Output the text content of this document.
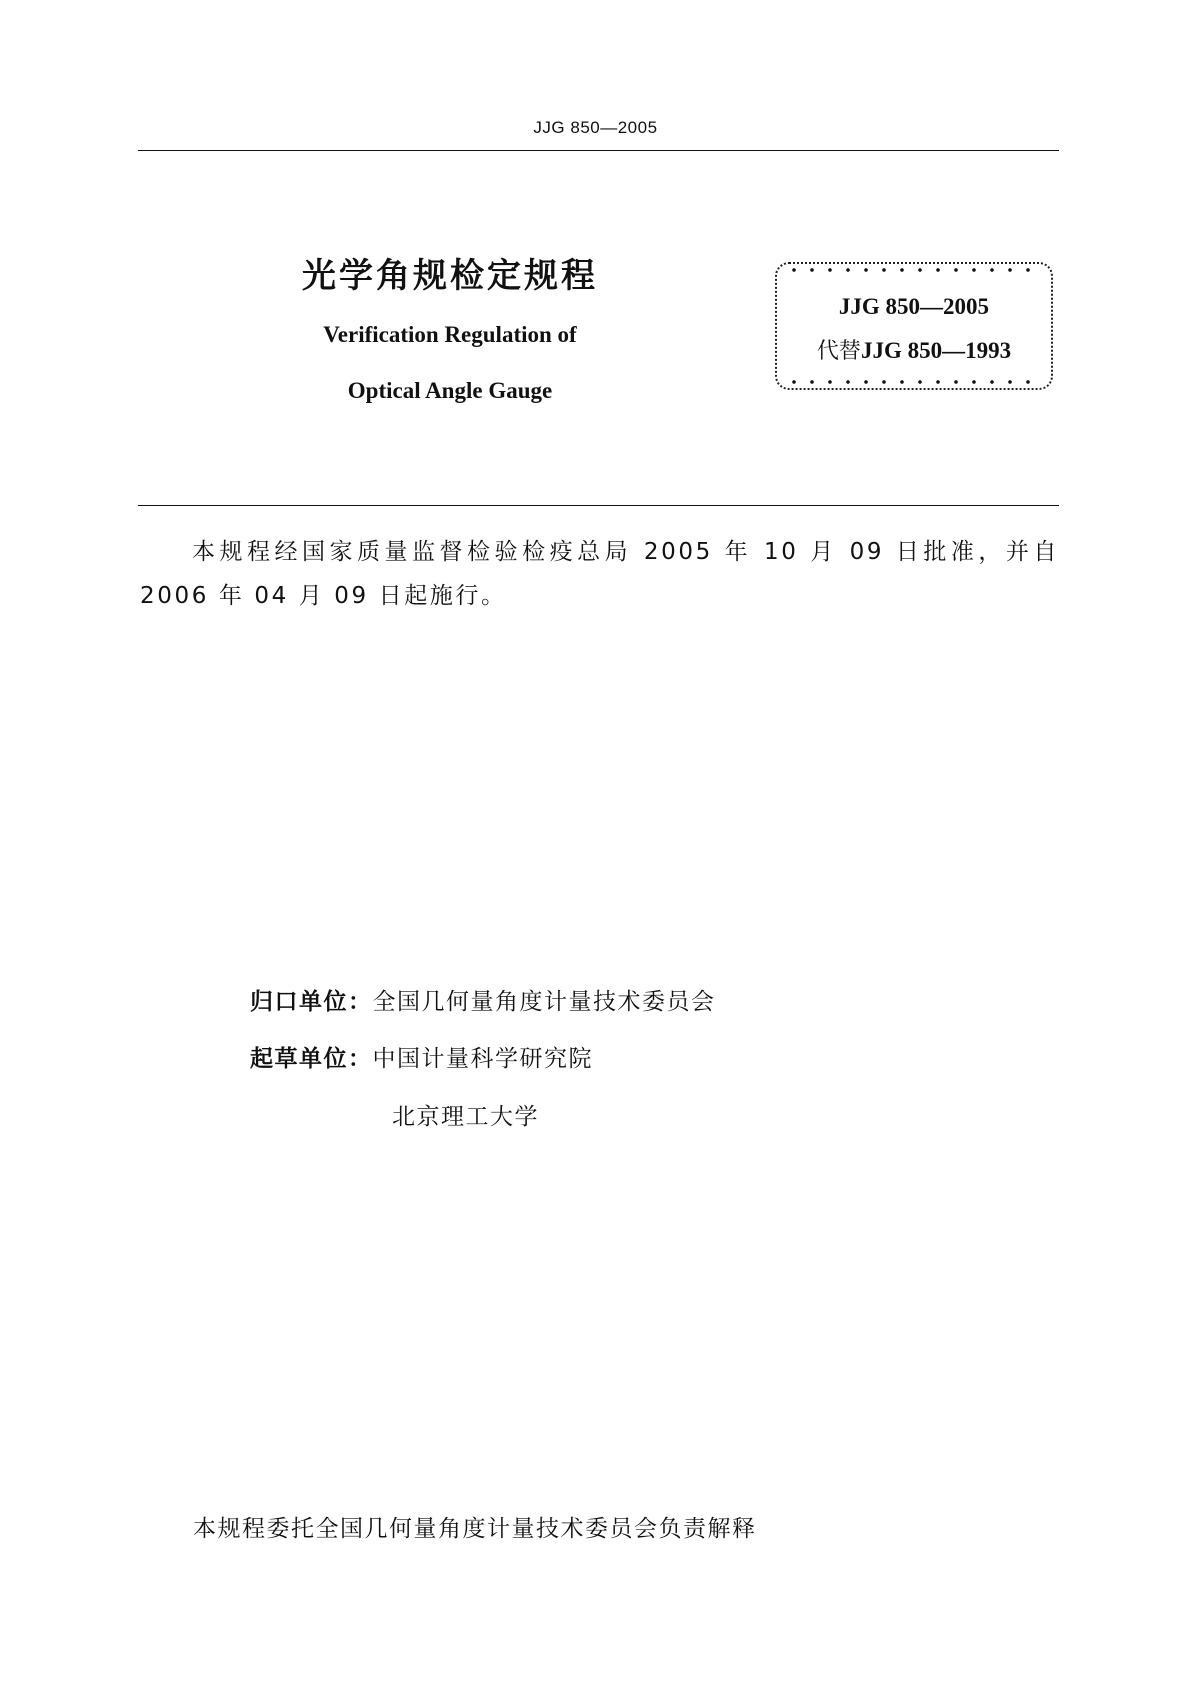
JJG 850—2005
光学角规检定规程
Verification Regulation of
Optical Angle Gauge
JJG 850—2005
代替JJG 850—1993
本规程经国家质量监督检验检疫总局 2005 年 10 月 09 日批准，并自 2006 年 04 月 09 日起施行。
归口单位：全国几何量角度计量技术委员会
起草单位：中国计量科学研究院
北京理工大学
本规程委托全国几何量角度计量技术委员会负责解释
